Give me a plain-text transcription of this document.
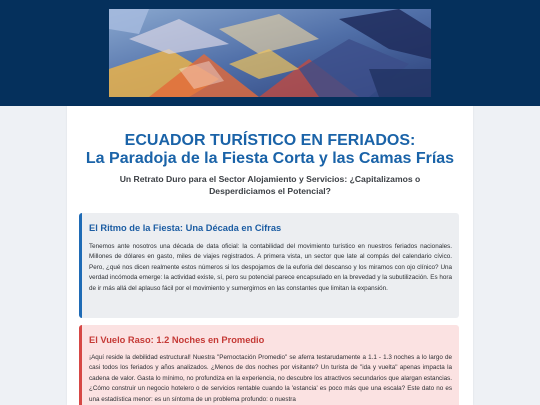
ECUADOR TURÍSTICO EN FERIADOS:
La Paradoja de la Fiesta Corta y las Camas Frías
Un Retrato Duro para el Sector Alojamiento y Servicios: ¿Capitalizamos o Desperdiciamos el Potencial?
El Ritmo de la Fiesta: Una Década en Cifras
Tenemos ante nosotros una década de data oficial: la contabilidad del movimiento turístico en nuestros feriados nacionales. Millones de dólares en gasto, miles de viajes registrados. A primera vista, un sector que late al compás del calendario cívico. Pero, ¿qué nos dicen realmente estos números si los despojamos de la euforia del descanso y los miramos con ojo clínico? Una verdad incómoda emerge: la actividad existe, sí, pero su potencial parece encapsulado en la brevedad y la subutilización. Es hora de ir más allá del aplauso fácil por el movimiento y sumergirnos en las constantes que limitan la expansión.
El Vuelo Raso: 1.2 Noches en Promedio
¡Aquí reside la debilidad estructural! Nuestra "Pernoctación Promedio" se aferra testarudamente a 1.1 - 1.3 noches a lo largo de casi todos los feriados y años analizados. ¿Menos de dos noches por visitante? Un turista de "ida y vuelta" apenas impacta la cadena de valor. Gasta lo mínimo, no profundiza en la experiencia, no descubre los atractivos secundarios que alargan estancias. ¿Cómo construir un negocio hotelero o de servicios rentable cuando la 'estancia' es poco más que una escala? Este dato no es una estadística menor: es un síntoma de un problema profundo: o nuestra
